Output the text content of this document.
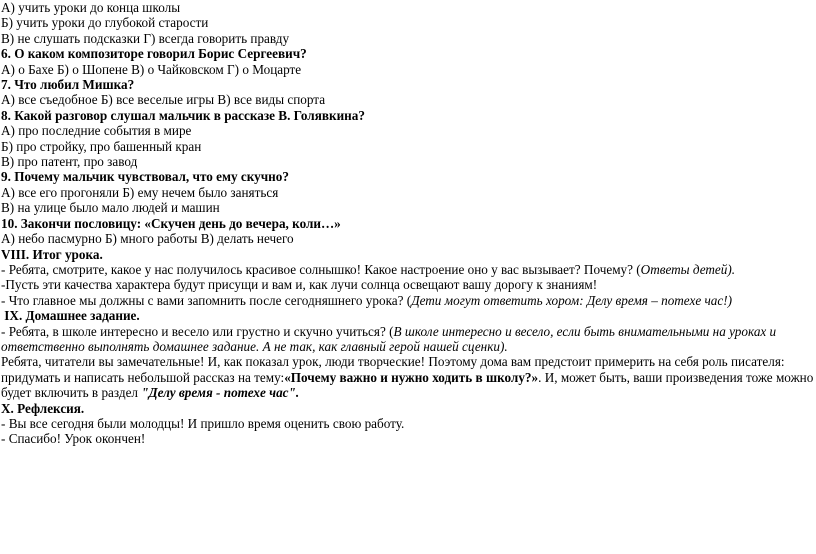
А) учить уроки до конца школы
Б) учить уроки до глубокой старости
В) не слушать подсказки Г) всегда говорить правду
6. О каком композиторе говорил Борис Сергеевич?
А) о Бахе Б) о Шопене В) о Чайковском Г) о Моцарте
7. Что любил Мишка?
А) все съедобное Б) все веселые игры В) все виды спорта
8. Какой разговор слушал мальчик в рассказе В. Голявкина?
А) про последние события в мире
Б) про стройку, про башенный кран
В) про патент, про завод
9. Почему мальчик чувствовал, что ему скучно?
А) все его прогоняли Б) ему нечем было заняться
В) на улице было мало людей и машин
10. Закончи пословицу: «Скучен день до вечера, коли…»
А) небо пасмурно Б) много работы В) делать нечего
VIII. Итог урока.
- Ребята, смотрите, какое у нас получилось красивое солнышко! Какое настроение оно у вас вызывает? Почему? (Ответы детей).
-Пусть эти качества характера будут присущи и вам и, как лучи солнца освещают вашу дорогу к знаниям!
- Что главное мы должны с вами запомнить после сегодняшнего урока? (Дети могут ответить хором: Делу время – потехе час!)
IX. Домашнее задание.
- Ребята, в школе интересно и весело или грустно и скучно учиться? (В школе интересно и весело, если быть внимательными на уроках и
ответственно выполнять домашнее задание. А не так, как главный герой нашей сценки).
Ребята, читатели вы замечательные! И, как показал урок, люди творческие! Поэтому дома вам предстоит примерить на себя роль писателя:
придумать и написать небольшой рассказ на тему:«Почему важно и нужно ходить в школу?». И, может быть, ваши произведения тоже можно
будет включить в раздел "Делу время - потехе час".
X. Рефлексия.
- Вы все сегодня были молодцы! И пришло время оценить свою работу.
- Спасибо! Урок окончен!
